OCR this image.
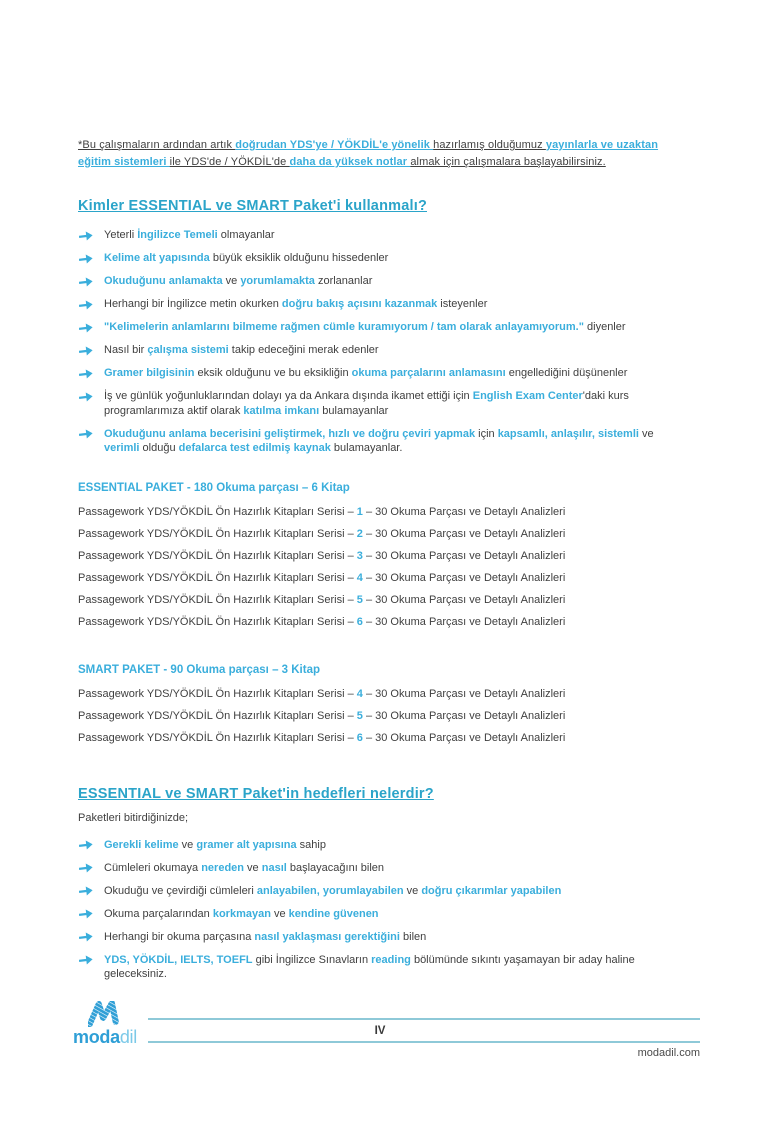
*Bu çalışmaların ardından artık doğrudan YDS'ye / YÖKDİL'e yönelik hazırlamış olduğumuz yayınlarla ve uzaktan eğitim sistemleri ile YDS'de / YÖKDİL'de daha da yüksek notlar almak için çalışmalara başlayabilirsiniz.

Kimler ESSENTIAL ve SMART Paket'i kullanmalı?
Yeterli İngilizce Temeli olmayanlar
Kelime alt yapısında büyük eksiklik olduğunu hissedenler
Okuduğunu anlamakta ve yorumlamakta zorlananlar
Herhangi bir İngilizce metin okurken doğru bakış açısını kazanmak isteyenler
"Kelimelerin anlamlarını bilmeme rağmen cümle kuramıyorum / tam olarak anlayamıyorum." diyenler
Nasıl bir çalışma sistemi takip edeceğini merak edenler
Gramer bilgisinin eksik olduğunu ve bu eksikliğin okuma parçalarını anlamasını engellediğini düşünenler
İş ve günlük yoğunluklarından dolayı ya da Ankara dışında ikamet ettiği için English Exam Center'daki kurs programlarımıza aktif olarak katılma imkanı bulamayanlar
Okuduğunu anlama becerisini geliştirmek, hızlı ve doğru çeviri yapmak için kapsamlı, anlaşılır, sistemli ve verimli olduğu defalarca test edilmiş kaynak bulamayanlar.
ESSENTIAL PAKET - 180 Okuma parçası – 6 Kitap
Passagework YDS/YÖKDİL Ön Hazırlık Kitapları Serisi – 1 – 30 Okuma Parçası ve Detaylı Analizleri
Passagework YDS/YÖKDİL Ön Hazırlık Kitapları Serisi – 2 – 30 Okuma Parçası ve Detaylı Analizleri
Passagework YDS/YÖKDİL Ön Hazırlık Kitapları Serisi – 3 – 30 Okuma Parçası ve Detaylı Analizleri
Passagework YDS/YÖKDİL Ön Hazırlık Kitapları Serisi – 4 – 30 Okuma Parçası ve Detaylı Analizleri
Passagework YDS/YÖKDİL Ön Hazırlık Kitapları Serisi – 5 – 30 Okuma Parçası ve Detaylı Analizleri
Passagework YDS/YÖKDİL Ön Hazırlık Kitapları Serisi – 6 – 30 Okuma Parçası ve Detaylı Analizleri
SMART PAKET - 90 Okuma parçası – 3 Kitap
Passagework YDS/YÖKDİL Ön Hazırlık Kitapları Serisi – 4 – 30 Okuma Parçası ve Detaylı Analizleri
Passagework YDS/YÖKDİL Ön Hazırlık Kitapları Serisi – 5 – 30 Okuma Parçası ve Detaylı Analizleri
Passagework YDS/YÖKDİL Ön Hazırlık Kitapları Serisi – 6 – 30 Okuma Parçası ve Detaylı Analizleri
ESSENTIAL ve SMART Paket'in hedefleri nelerdir?

Paketleri bitirdiğinizde;

Gerekli kelime ve gramer alt yapısına sahip
Cümleleri okumaya nereden ve nasıl başlayacağını bilen
Okuduğu ve çevirdiği cümleleri anlayabilen, yorumlayabilen ve doğru çıkarımlar yapabilen
Okuma parçalarından korkmayan ve kendine güvenen
Herhangi bir okuma parçasına nasıl yaklaşması gerektiğini bilen
YDS, YÖKDİL, IELTS, TOEFL gibi İngilizce Sınavların reading bölümünde sıkıntı yaşamayan bir aday haline geleceksiniz.
modadil	IV
modadil.com
